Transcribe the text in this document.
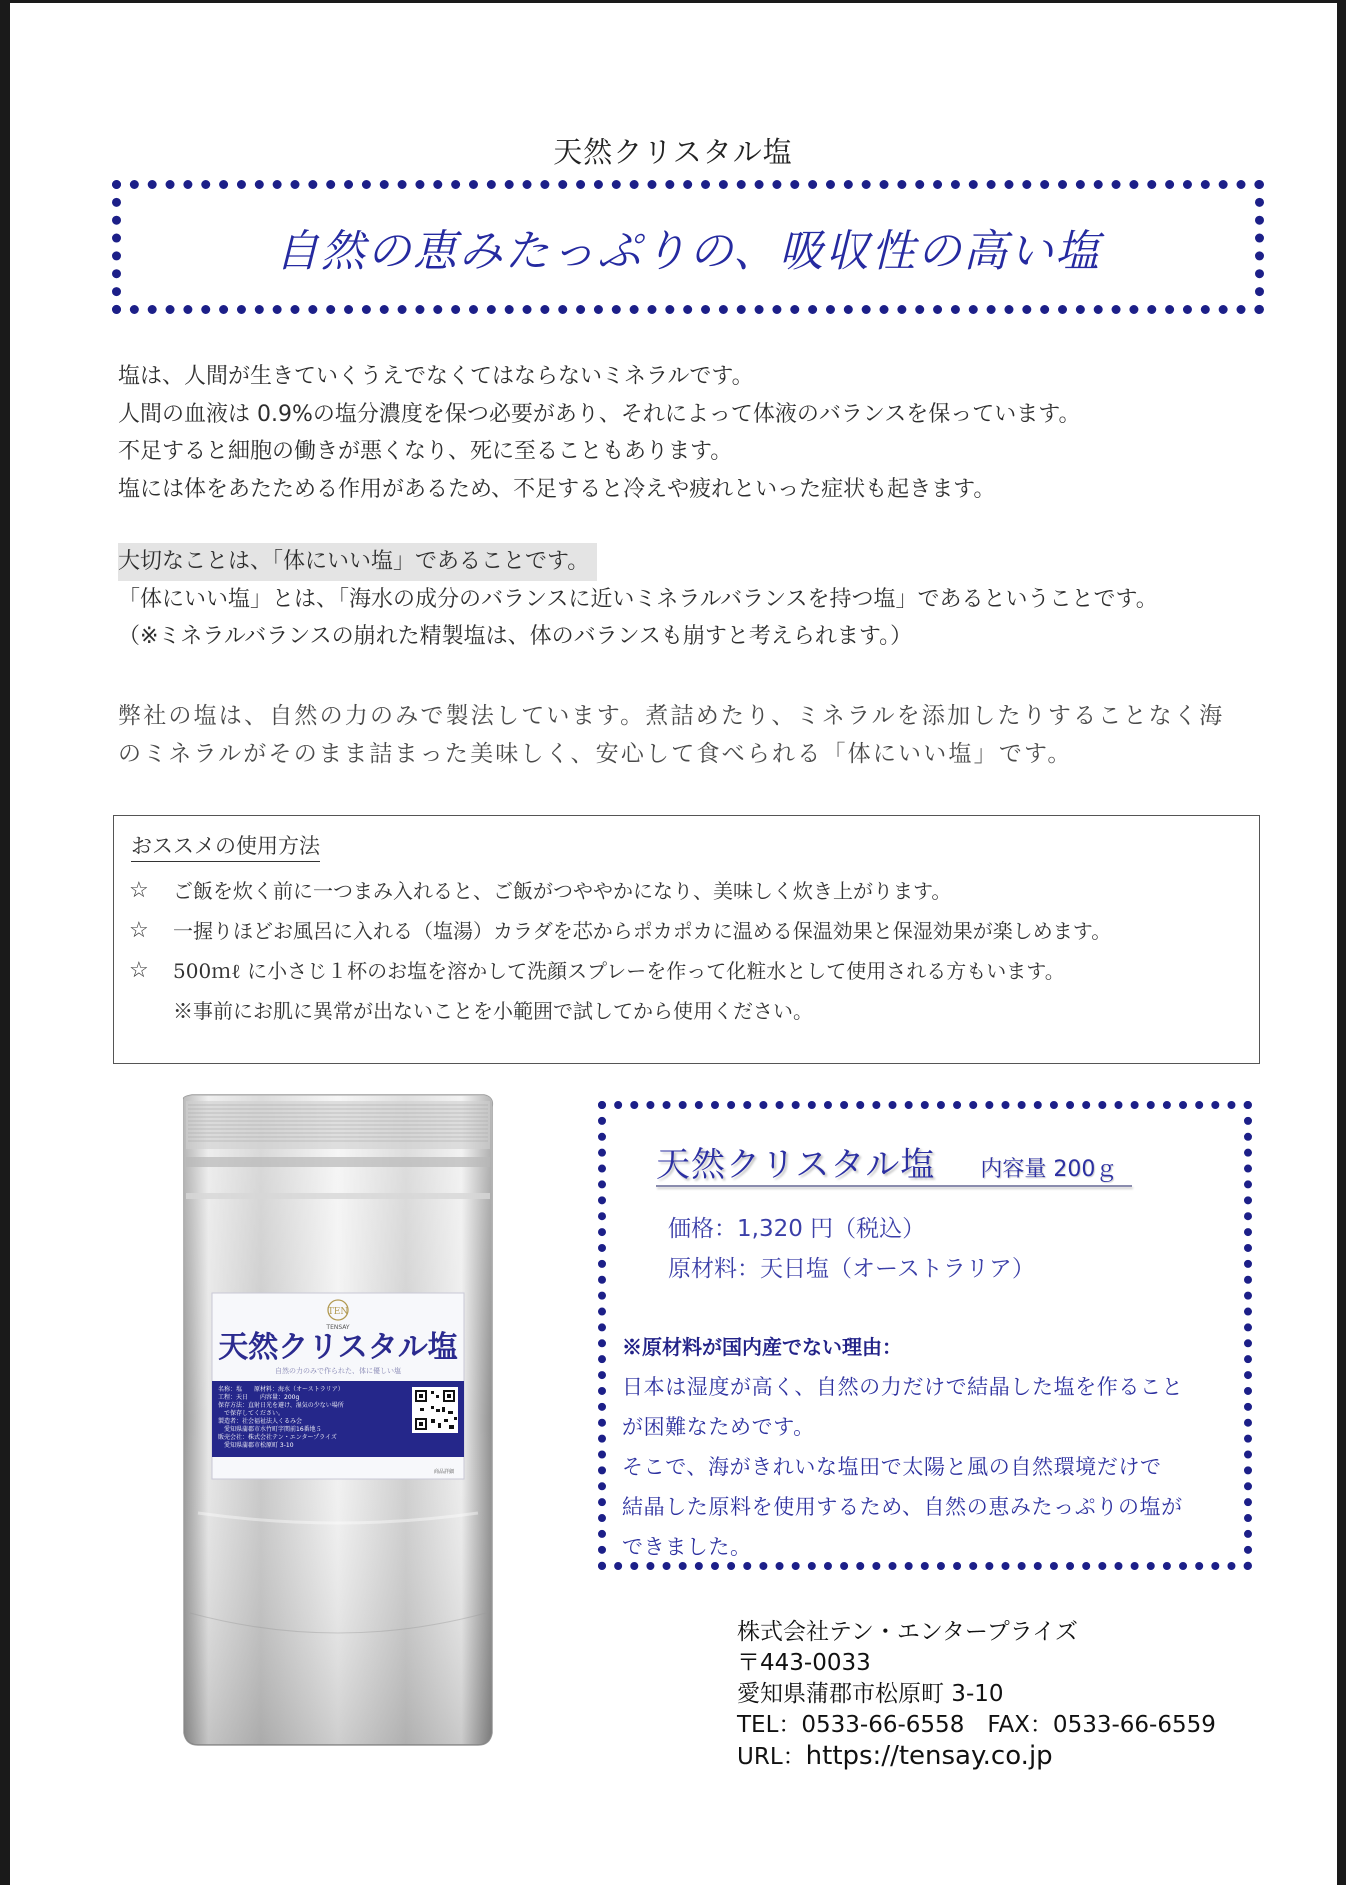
天然クリスタル塩
自然の恵みたっぷりの、吸収性の高い塩

塩は、人間が生きていくうえでなくてはならないミネラルです。

人間の血液は 0.9%の塩分濃度を保つ必要があり、それによって体液のバランスを保っています。

不足すると細胞の働きが悪くなり、死に至ることもあります。

塩には体をあたためる作用があるため、不足すると冷えや疲れといった症状も起きます。

大切なことは、「体にいい塩」であることです。

「体にいい塩」とは、「海水の成分のバランスに近いミネラルバランスを持つ塩」であるということです。

（※ミネラルバランスの崩れた精製塩は、体のバランスも崩すと考えられます。）

弊社の塩は、自然の力のみで製法しています。煮詰めたり、ミネラルを添加したりすることなく海のミネラルがそのまま詰まった美味しく、安心して食べられる「体にいい塩」です。
おススメの使用方法
☆	ご飯を炊く前に一つまみ入れると、ご飯がつややかになり、美味しく炊き上がります。
☆	一握りほどお風呂に入れる（塩湯）カラダを芯からポカポカに温める保温効果と保湿効果が楽しめます。
☆	500ｍℓ に小さじ１杯のお塩を溶かして洗顔スプレーを作って化粧水として使用される方もいます。
※事前にお肌に異常が出ないことを小範囲で試してから使用ください。
TEN
TENSAY
天然クリスタル塩
自然の力のみで作られた、体に優しい塩
名称：塩　　原材料：海水（オーストラリア）
工程：天日　　内容量：200g
保存方法：直射日光を避け、湿気の少ない場所
　で保存してください。
製造者：社会福祉法人くるみ会
　愛知県蒲郡市水竹町字関前16番地５
販売会社：株式会社テン・エンタープライズ
　愛知県蒲郡市松原町 3-10
商品詳細
天然クリスタル塩 内容量 200ｇ

価格：1,320 円（税込）

原材料：天日塩（オーストラリア）

※原材料が国内産でない理由：

日本は湿度が高く、自然の力だけで結晶した塩を作ること

が困難なためです。

そこで、海がきれいな塩田で太陽と風の自然環境だけで

結晶した原料を使用するため、自然の恵みたっぷりの塩が

できました。

株式会社テン・エンタープライズ

〒443-0033

愛知県蒲郡市松原町 3-10

TEL：0533-66-6558　FAX：0533-66-6559

URL：https://tensay.co.jp
